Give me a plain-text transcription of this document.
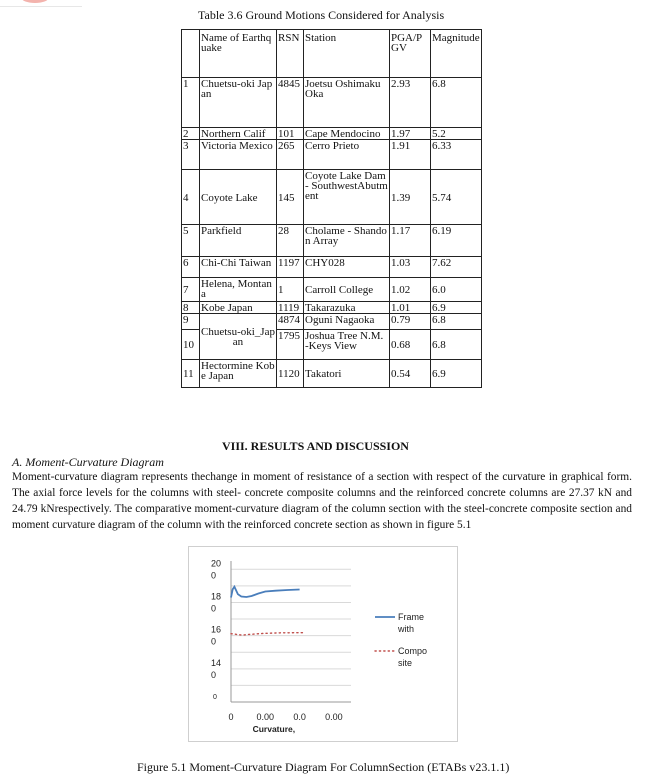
Table 3.6 Ground Motions Considered for Analysis
	Name of Earthquake	RSN	Station	PGA/PGV	Magnitude
1	Chuetsu-oki Japan	4845	Joetsu Oshimaku Oka	2.93	6.8
2	Northern Calif	101	Cape Mendocino	1.97	5.2
3	Victoria Mexico	265	Cerro Prieto	1.91	6.33
4	Coyote Lake	145	Coyote Lake Dam - SouthwestAbutment	1.39	5.74
5	Parkfield	28	Cholame - Shandon Array	1.17	6.19
6	Chi-Chi Taiwan	1197	CHY028	1.03	7.62
7	Helena, Montana	1	Carroll College	1.02	6.0
8	Kobe Japan	1119	Takarazuka	1.01	6.9
9	Chuetsu-oki_Japan	4874	Oguni Nagaoka	0.79	6.8
10		1795	Joshua Tree N.M. -Keys View	0.68	6.8
11	Hectormine Kobe Japan	1120	Takatori	0.54	6.9
VIII. RESULTS AND DISCUSSION
A. Moment-Curvature Diagram

Moment-curvature diagram represents thechange in moment of resistance of a section with respect of the curvature in graphical form. The axial force levels for the columns with steel- concrete composite columns and the reinforced concrete columns are 27.37 kN and 24.79 kNrespectively. The comparative moment-curvature diagram of the column section with the steel-concrete composite section and moment curvature diagram of the column with the reinforced concrete section as shown in figure 5.1

20 0
18 0
16 0
14 0
0
0	0.00 0.0 0.00
Curvature,
Frame with
Compo site
Figure 5.1 Moment-Curvature Diagram For ColumnSection (ETABs v23.1.1)
